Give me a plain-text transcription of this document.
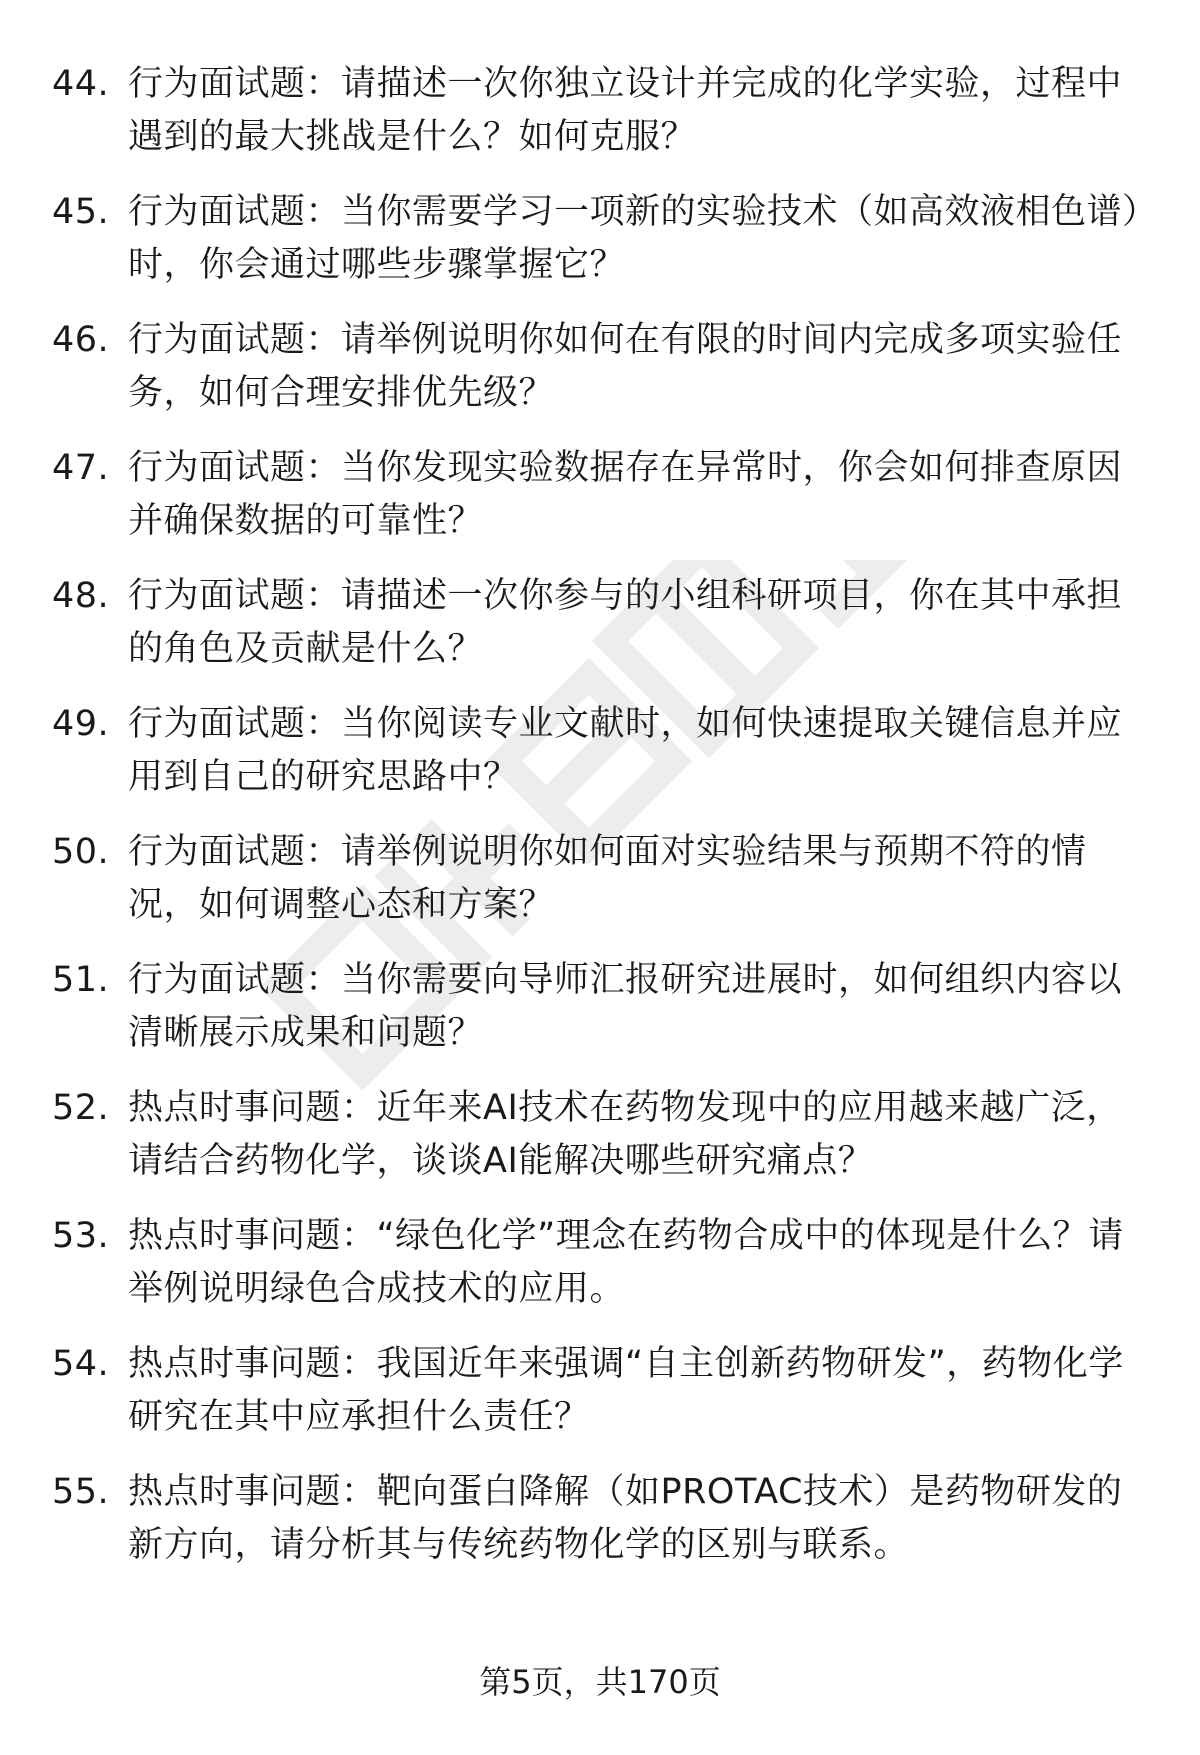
44. 行为面试题：请描述一次你独立设计并完成的化学实验，过程中遇到的最大挑战是什么？如何克服？
45. 行为面试题：当你需要学习一项新的实验技术（如高效液相色谱）时，你会通过哪些步骤掌握它？
46. 行为面试题：请举例说明你如何在有限的时间内完成多项实验任务，如何合理安排优先级？
47. 行为面试题：当你发现实验数据存在异常时，你会如何排查原因并确保数据的可靠性？
48. 行为面试题：请描述一次你参与的小组科研项目，你在其中承担的角色及贡献是什么？
49. 行为面试题：当你阅读专业文献时，如何快速提取关键信息并应用到自己的研究思路中？
50. 行为面试题：请举例说明你如何面对实验结果与预期不符的情况，如何调整心态和方案？
51. 行为面试题：当你需要向导师汇报研究进展时，如何组织内容以清晰展示成果和问题？
52. 热点时事问题：近年来AI技术在药物发现中的应用越来越广泛，请结合药物化学，谈谈AI能解决哪些研究痛点？
53. 热点时事问题：“绿色化学”理念在药物合成中的体现是什么？请举例说明绿色合成技术的应用。
54. 热点时事问题：我国近年来强调“自主创新药物研发”，药物化学研究在其中应承担什么责任？
55. 热点时事问题：靶向蛋白降解（如PROTAC技术）是药物研发的新方向，请分析其与传统药物化学的区别与联系。
第5页，共170页
